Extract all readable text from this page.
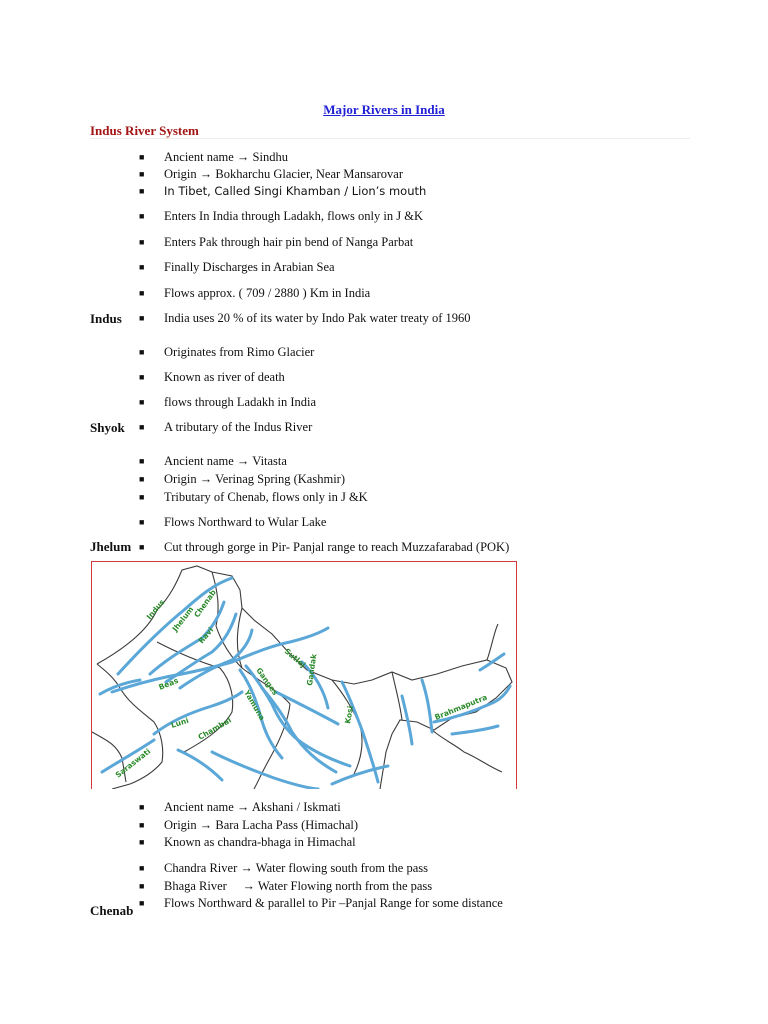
Major Rivers in India
Indus River System
■ Ancient name → Sindhu
■ Origin → Bokharchu Glacier, Near Mansarovar
■ In Tibet, Called Singi Khamban / Lion’s mouth
■ Enters In India through Ladakh, flows only in J &K
■ Enters Pak through hair pin bend of Nanga Parbat
■ Finally Discharges in Arabian Sea
■ Flows approx. ( 709 / 2880 ) Km in India
Indus ■ India uses 20 % of its water by Indo Pak water treaty of 1960
■ Originates from Rimo Glacier
■ Known as river of death
■ flows through Ladakh in India
Shyok ■ A tributary of the Indus River
■ Ancient name → Vitasta
■ Origin → Verinag Spring (Kashmir)
■ Tributary of Chenab, flows only in J &K
■ Flows Northward to Wular Lake
Jhelum ■ Cut through gorge in Pir- Panjal range to reach Muzzafarabad (POK)
Indus Jhelum
Chenab
Ravi
Sutlej
Beas	Ganges
Yamuna
Gandak
Kosi	Brahmaputra
Luni Chambal
Saraswati
■ Ancient name → Akshani / Iskmati
■ Origin → Bara Lacha Pass (Himachal)
■ Known as chandra-bhaga in Himachal
■ Chandra River → Water flowing south from the pass
■ Bhaga River     → Water Flowing north from the pass
■ Flows Northward & parallel to Pir –Panjal Range for some distance
Chenab
